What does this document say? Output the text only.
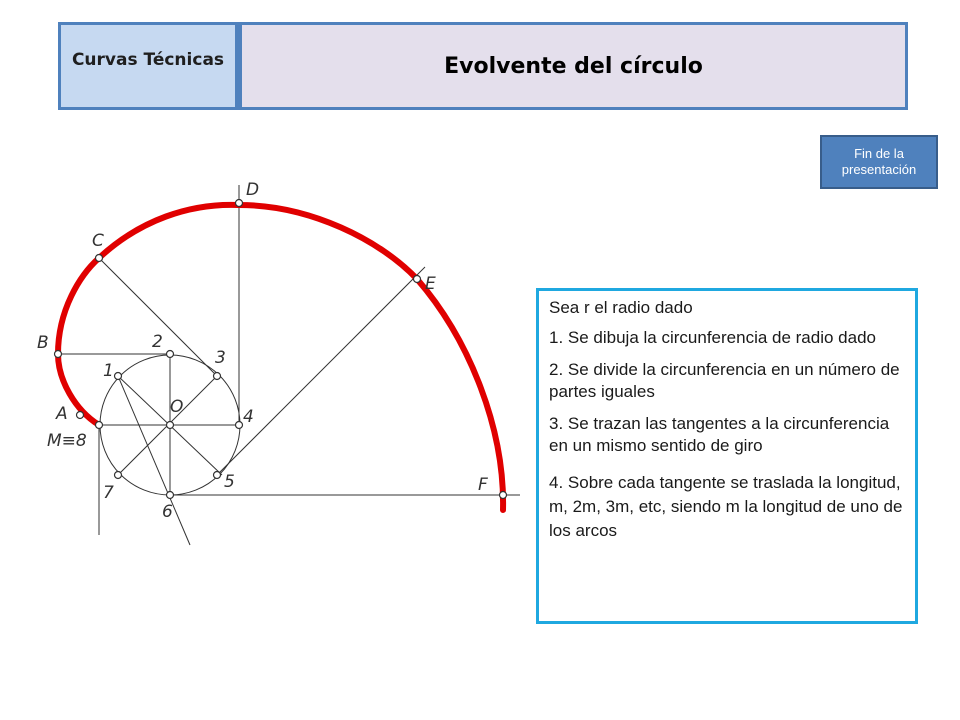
Curvas Técnicas	Evolvente del círculo
Fin de la presentación
O
1
2
3
4
5
6
7
M≡8
A
B
C
D
E
F

Sea r el radio dado

1. Se dibuja la circunferencia de radio dado

2. Se divide la circunferencia en un número de partes iguales

3. Se trazan las tangentes a la circunferencia en un mismo sentido de giro

4. Sobre cada tangente se traslada la longitud, m, 2m, 3m, etc, siendo m la longitud de uno de los arcos
